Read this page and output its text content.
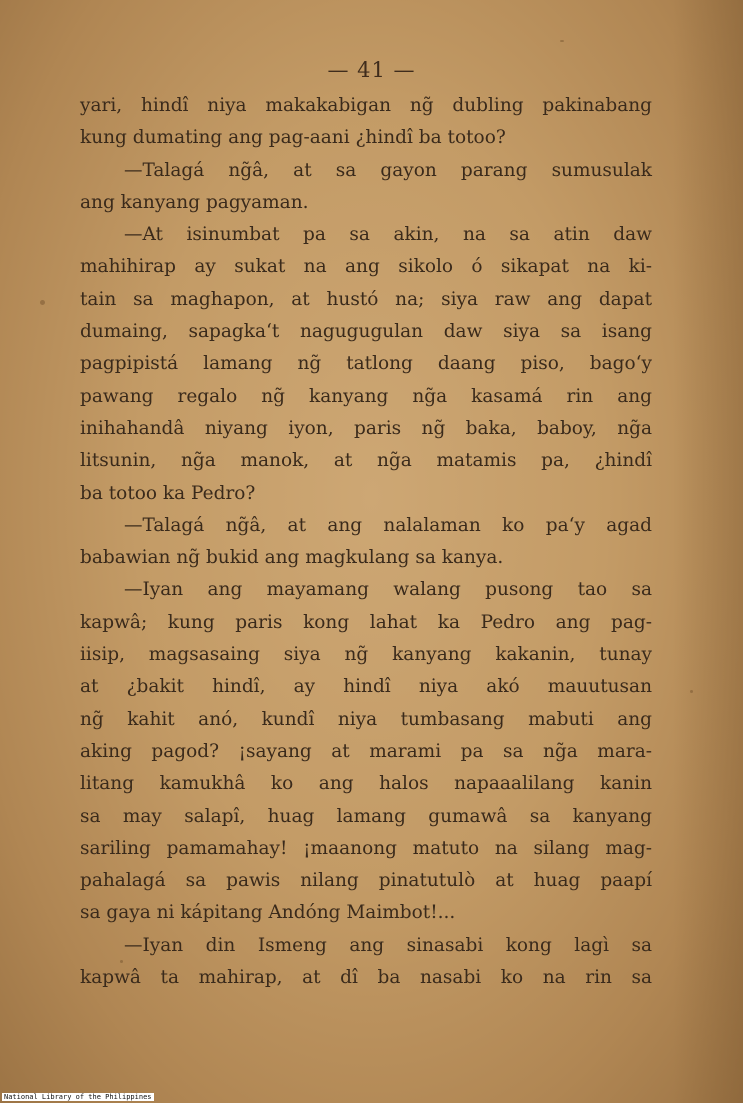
— 41 —
yari, hindî niya makakabigan ng̃ dubling pakinabang
kung dumating ang pag-aani ¿hindî ba totoo?
—Talagá ng̃â, at sa gayon parang sumusulak
ang kanyang pagyaman.
—At isinumbat pa sa akin, na sa atin daw
mahihirap ay sukat na ang sikolo ó sikapat na ki-
tain sa maghapon, at hustó na; siya raw ang dapat
dumaing, sapagka‘t nagugugulan daw siya sa isang
pagpipistá lamang ng̃ tatlong daang piso, bago‘y
pawang regalo ng̃ kanyang ng̃a kasamá rin ang
inihahandâ niyang iyon, paris ng̃ baka, baboy, ng̃a
litsunin, ng̃a manok, at ng̃a matamis pa, ¿hindî
ba totoo ka Pedro?
—Talagá ng̃â, at ang nalalaman ko pa‘y agad
babawian ng̃ bukid ang magkulang sa kanya.
—Iyan ang mayamang walang pusong tao sa
kapwâ; kung paris kong lahat ka Pedro ang pag-
iisip, magsasaing siya ng̃ kanyang kakanin, tunay
at ¿bakit hindî, ay hindî niya akó mauutusan
ng̃ kahit anó, kundî niya tumbasang mabuti ang
aking pagod? ¡sayang at marami pa sa ng̃a mara-
litang kamukhâ ko ang halos napaaalilang kanin
sa may salapî, huag lamang gumawâ sa kanyang
sariling pamamahay! ¡maanong matuto na silang mag-
pahalagá sa pawis nilang pinatutulò at huag paapí
sa gaya ni kápitang Andóng Maimbot!...
—Iyan din Ismeng ang sinasabi kong lagì sa
kapwâ ta mahirap, at dî ba nasabi ko na rin sa
National Library of the Philippines
